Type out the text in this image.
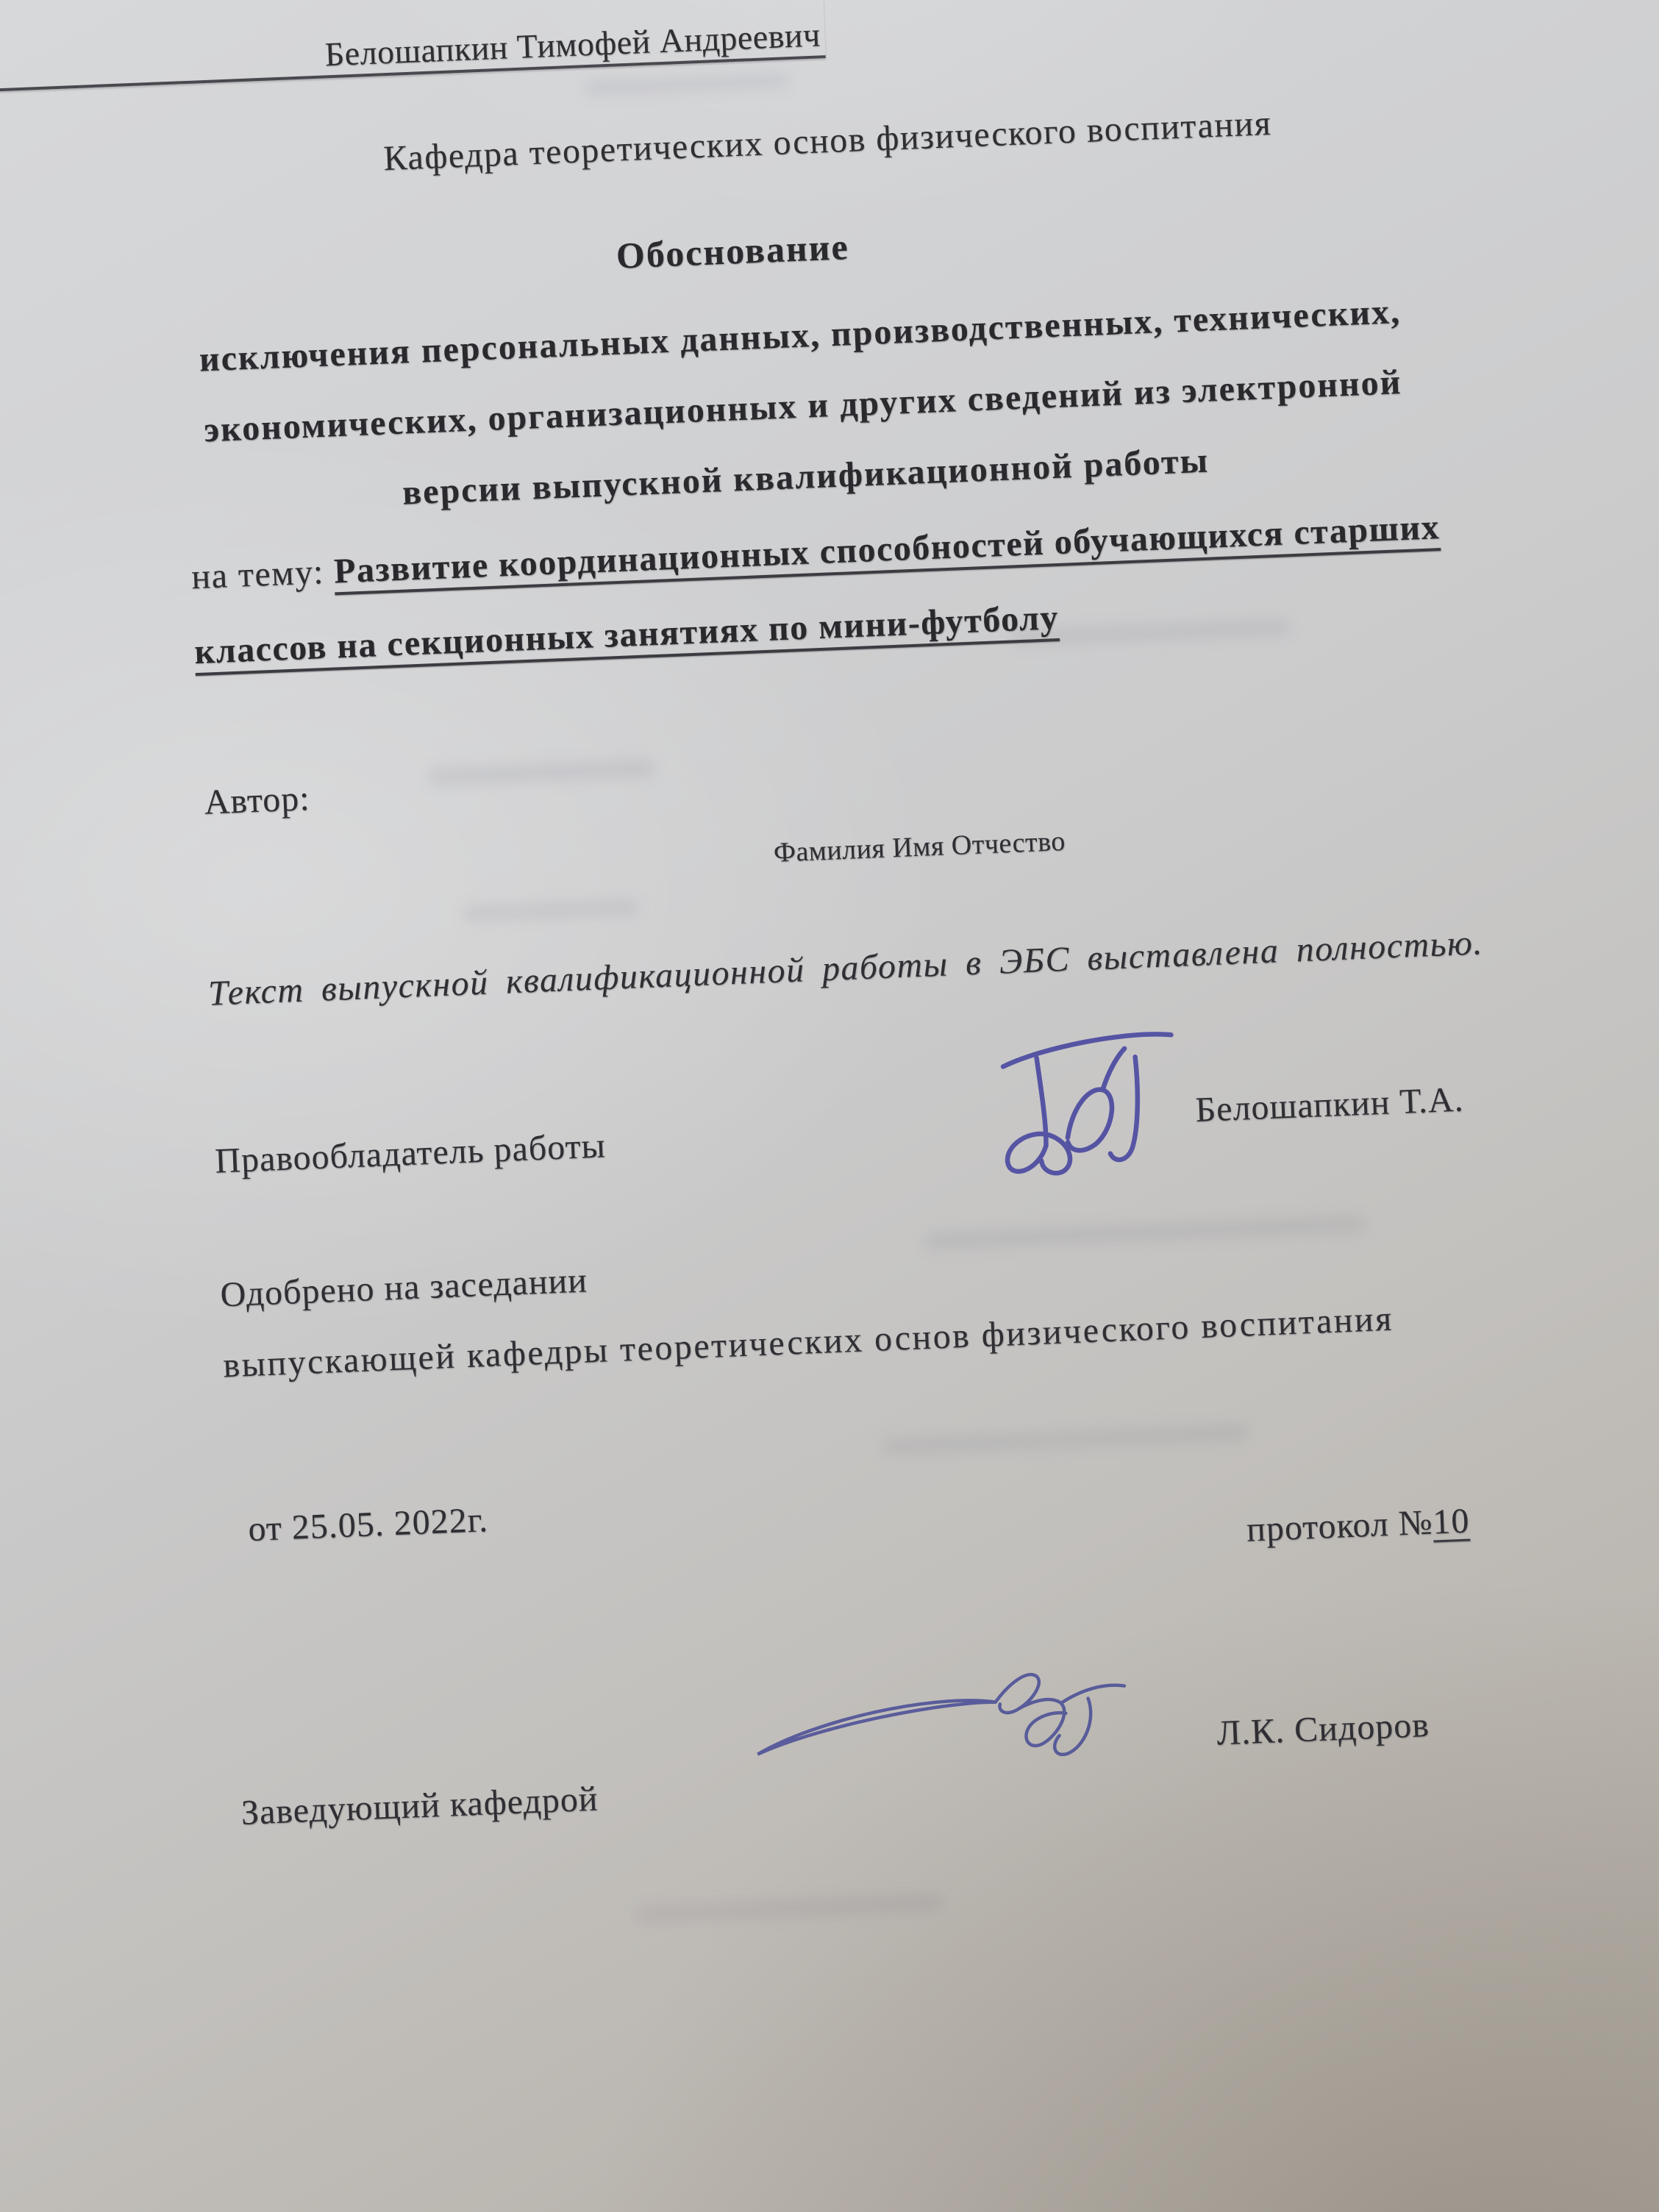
Кафедра теоретических основ физического воспитания
Обоснование
исключения персональных данных, производственных, технических,
экономических, организационных и других сведений из электронной
версии выпускной квалификационной работы
на тему: Развитие координационных способностей обучающихся старших классов на секционных занятиях по мини-футболу
Автор:
Белошапкин Тимофей Андреевич
Фамилия Имя Отчество
Текст выпускной квалификационной работы в ЭБС выставлена полностью.
Правообладатель работы
Белошапкин Т.А.
Одобрено на заседании
выпускающей кафедры теоретических основ физического воспитания
протокол №10
от 25.05. 2022г.
Заведующий кафедрой
Л.К. Сидоров
